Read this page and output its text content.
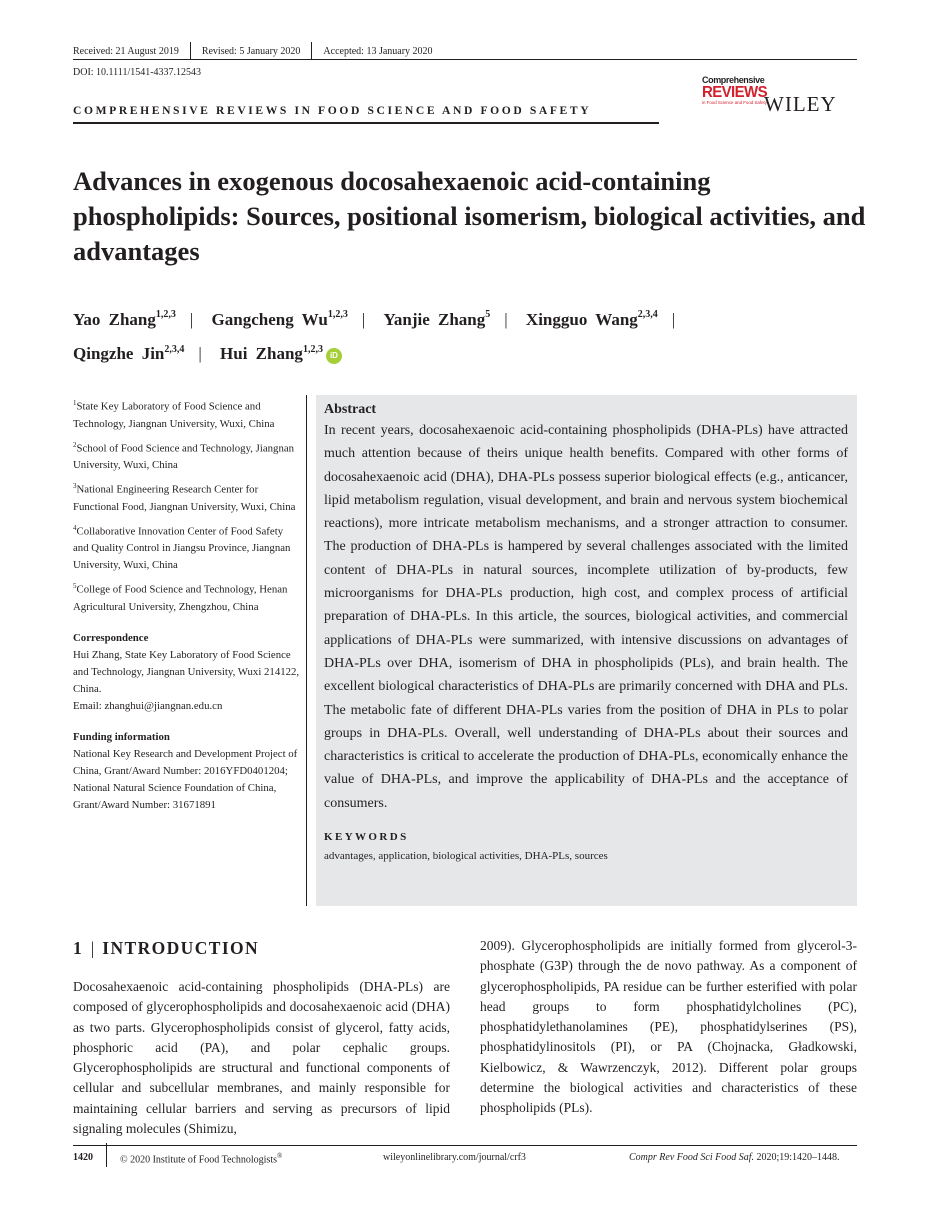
Received: 21 August 2019 Revised: 5 January 2020 Accepted: 13 January 2020
DOI: 10.1111/1541-4337.12543
COMPREHENSIVE REVIEWS IN FOOD SCIENCE AND FOOD SAFETY
Comprehensive
REVIEWS
in Food Science and Food Safety
WILEY
Advances in exogenous docosahexaenoic acid-containing phospholipids: Sources, positional isomerism, biological activities, and advantages
Yao Zhang$^{1,2,3}$ | Gangcheng Wu$^{1,2,3}$ | Yanjie Zhang$^5$ | Xingguo Wang$^{2,3,4}$ |
Qingzhe Jin$^{2,3,4}$ | Hui Zhang$^{1,2,3}$iD
$^1$State Key Laboratory of Food Science and Technology, Jiangnan University, Wuxi, China
$^2$School of Food Science and Technology, Jiangnan University, Wuxi, China
$^3$National Engineering Research Center for Functional Food, Jiangnan University, Wuxi, China
$^4$Collaborative Innovation Center of Food Safety and Quality Control in Jiangsu Province, Jiangnan University, Wuxi, China
$^5$College of Food Science and Technology, Henan Agricultural University, Zhengzhou, China
Correspondence
Hui Zhang, State Key Laboratory of Food Science and Technology, Jiangnan University, Wuxi 214122, China.
Email: zhanghui@jiangnan.edu.cn
Funding information
National Key Research and Development Project of China, Grant/Award Number: 2016YFD0401204; National Natural Science Foundation of China, Grant/Award Number: 31671891
Abstract

In recent years, docosahexaenoic acid-containing phospholipids (DHA-PLs) have attracted much attention because of theirs unique health benefits. Compared with other forms of docosahexaenoic acid (DHA), DHA-PLs possess superior biological effects (e.g., anticancer, lipid metabolism regulation, visual development, and brain and nervous system biochemical reactions), more intricate metabolism mechanisms, and a stronger attraction to consumer. The production of DHA-PLs is hampered by several challenges associated with the limited content of DHA-PLs in natural sources, incomplete utilization of by-products, few microorganisms for DHA-PLs production, high cost, and complex process of artificial preparation of DHA-PLs. In this article, the sources, biological activities, and commercial applications of DHA-PLs were summarized, with intensive discussions on advantages of DHA-PLs over DHA, isomerism of DHA in phospholipids (PLs), and brain health. The excellent biological characteristics of DHA-PLs are primarily concerned with DHA and PLs. The metabolic fate of different DHA-PLs varies from the position of DHA in PLs to polar groups in DHA-PLs. Overall, well understanding of DHA-PLs about their sources and characteristics is critical to accelerate the production of DHA-PLs, economically enhance the value of DHA-PLs, and improve the applicability of DHA-PLs and the acceptance of consumers.

KEYWORDS
advantages, application, biological activities, DHA-PLs, sources
1 | INTRODUCTION

Docosahexaenoic acid-containing phospholipids (DHA-PLs) are composed of glycerophospholipids and docosahexaenoic acid (DHA) as two parts. Glycerophospholipids consist of glycerol, fatty acids, phosphoric acid (PA), and polar cephalic groups. Glycerophospholipids are structural and functional components of cellular and subcellular membranes, and mainly responsible for maintaining cellular barriers and serving as precursors of lipid signaling molecules (Shimizu,

2009). Glycerophospholipids are initially formed from glycerol-3-phosphate (G3P) through the de novo pathway. As a component of glycerophospholipids, PA residue can be further esterified with polar head groups to form phosphatidylcholines (PC), phosphatidylethanolamines (PE), phosphatidylserines (PS), phosphatidylinositols (PI), or PA (Chojnacka, Gładkowski, Kielbowicz, & Wawrzenczyk, 2012). Different polar groups determine the biological activities and characteristics of these phospholipids (PLs).

1420	© 2020 Institute of Food Technologists®	wileyonlinelibrary.com/journal/crf3	Compr Rev Food Sci Food Saf. 2020;19:1420–1448.
